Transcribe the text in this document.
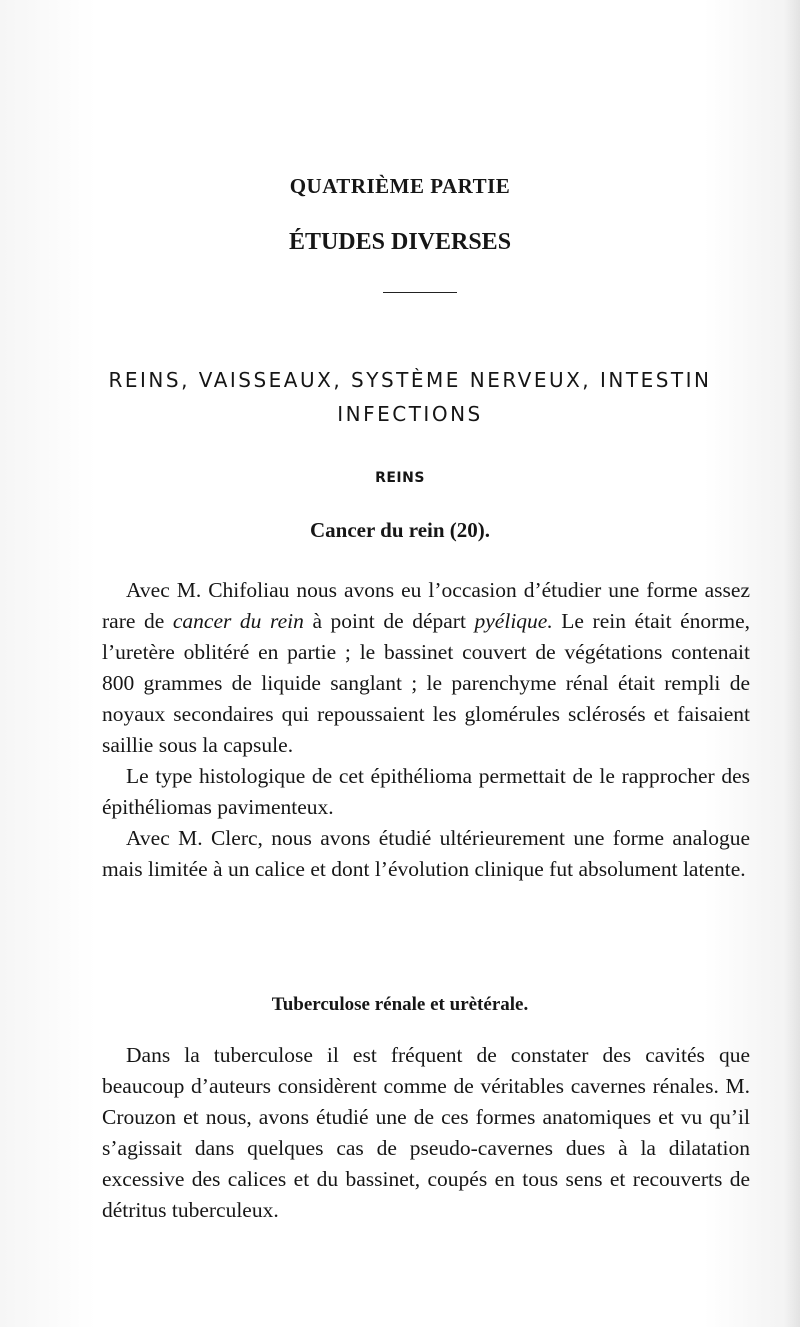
QUATRIÈME PARTIE
ÉTUDES DIVERSES
REINS, VAISSEAUX, SYSTÈME NERVEUX, INTESTIN
INFECTIONS
REINS
Cancer du rein (20).

Avec M. Chifoliau nous avons eu l’occasion d’étudier une forme assez rare de cancer du rein à point de départ pyélique. Le rein était énorme, l’uretère oblitéré en partie ; le bassinet couvert de végétations contenait 800 grammes de liquide sanglant ; le parenchyme rénal était rempli de noyaux secondaires qui repoussaient les glomérules sclérosés et faisaient saillie sous la capsule.

Le type histologique de cet épithélioma permettait de le rapprocher des épithéliomas pavimenteux.

Avec M. Clerc, nous avons étudié ultérieurement une forme analogue mais limitée à un calice et dont l’évolution clinique fut absolument latente.

Tuberculose rénale et urètérale.

Dans la tuberculose il est fréquent de constater des cavités que beaucoup d’auteurs considèrent comme de véritables cavernes rénales. M. Crouzon et nous, avons étudié une de ces formes anatomiques et vu qu’il s’agissait dans quelques cas de pseudo-cavernes dues à la dilatation excessive des calices et du bassinet, coupés en tous sens et recouverts de détritus tuberculeux.
